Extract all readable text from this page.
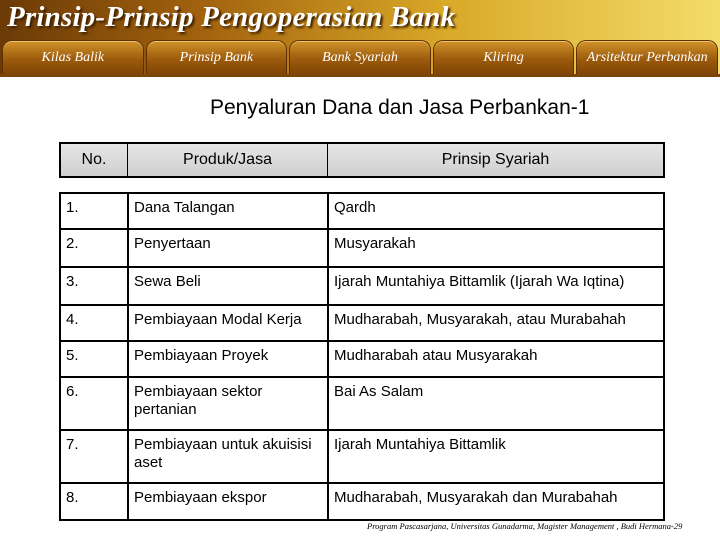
Prinsip-Prinsip Pengoperasian Bank
Kilas Balik	Prinsip Bank	Bank Syariah	Kliring	Arsitektur Perbankan
Penyaluran Dana dan Jasa Perbankan-1
No.	Produk/Jasa	Prinsip Syariah

1.	Dana Talangan	Qardh
2.	Penyertaan	Musyarakah
3.	Sewa Beli	Ijarah Muntahiya Bittamlik (Ijarah Wa Iqtina)
4.	Pembiayaan Modal Kerja	Mudharabah, Musyarakah, atau Murabahah
5.	Pembiayaan Proyek	Mudharabah atau Musyarakah
6.	Pembiayaan sektor pertanian	Bai As Salam
7.	Pembiayaan untuk akuisisi aset	Ijarah Muntahiya Bittamlik
8.	Pembiayaan ekspor	Mudharabah, Musyarakah dan Murabahah
Program Pascasarjana, Universitas Gunadarma, Magister Management , Budi Hermana-29
